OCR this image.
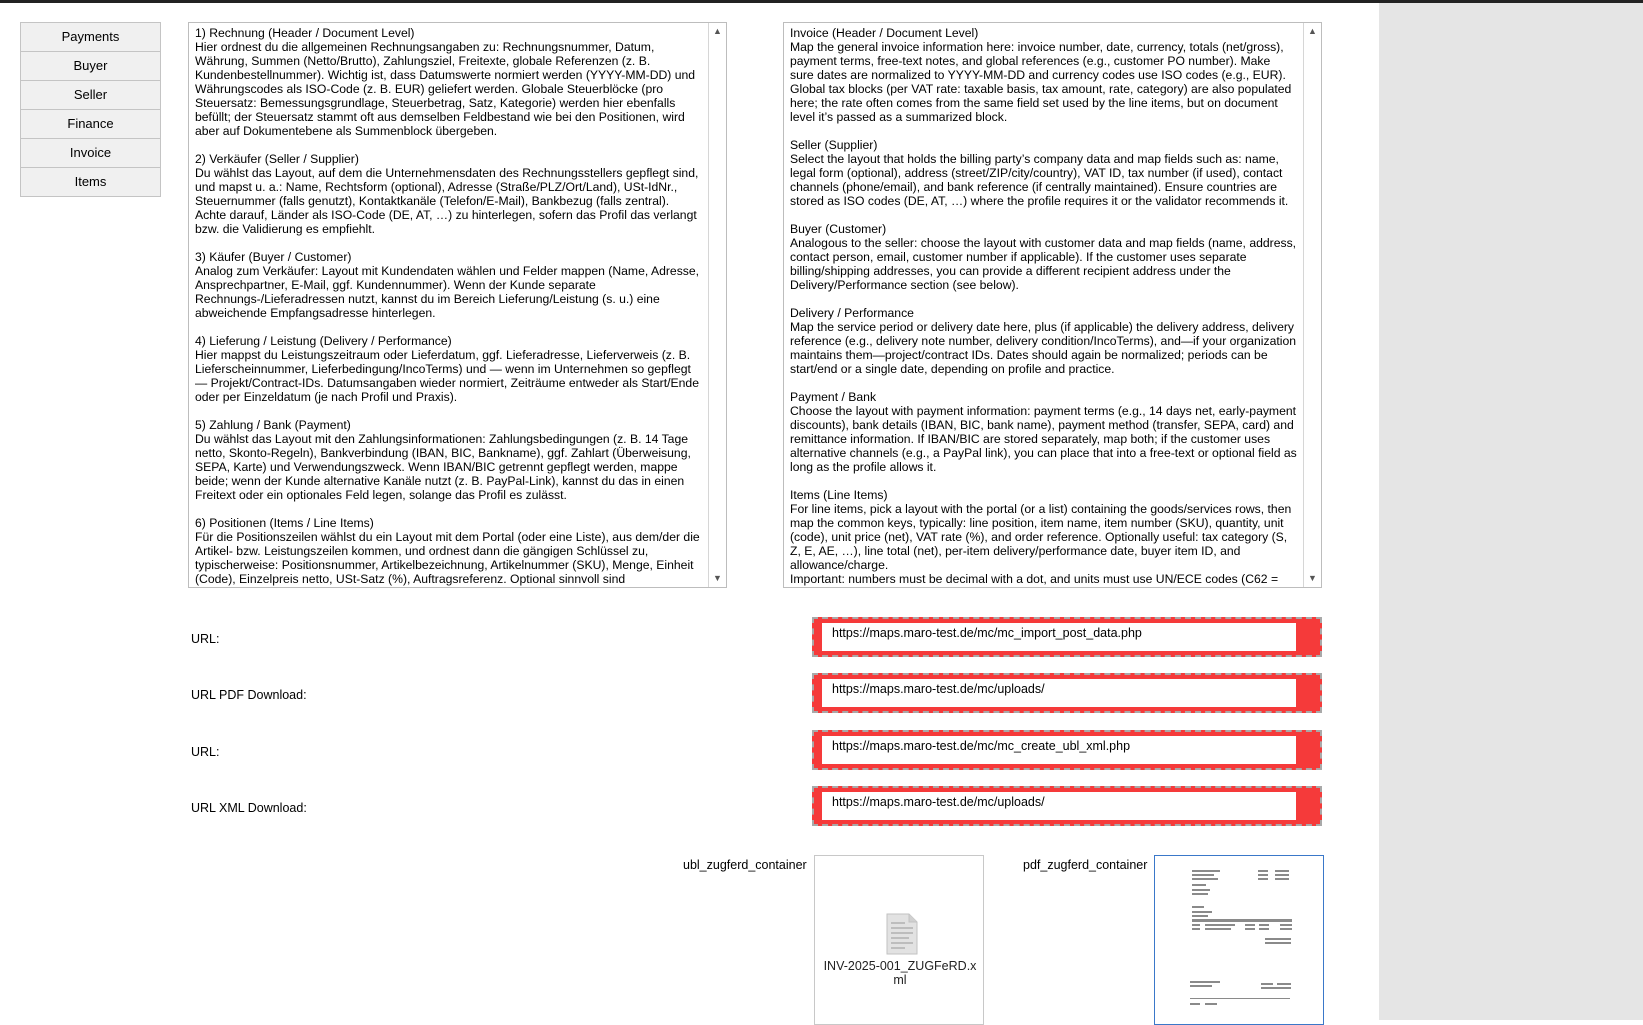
Payments
Buyer
Seller
Finance
Invoice
Items
1) Rechnung (Header / Document Level)
Hier ordnest du die allgemeinen Rechnungsangaben zu: Rechnungsnummer, Datum, Währung, Summen (Netto/Brutto), Zahlungsziel, Freitexte, globale Referenzen (z. B. Kundenbestellnummer). Wichtig ist, dass Datumswerte normiert werden (YYYY-MM-DD) und Währungscodes als ISO-Code (z. B. EUR) geliefert werden. Globale Steuerblöcke (pro Steuersatz: Bemessungsgrundlage, Steuerbetrag, Satz, Kategorie) werden hier ebenfalls befüllt; der Steuersatz stammt oft aus demselben Feldbestand wie bei den Positionen, wird aber auf Dokumentebene als Summenblock übergeben.

2) Verkäufer (Seller / Supplier)
Du wählst das Layout, auf dem die Unternehmensdaten des Rechnungsstellers gepflegt sind, und mapst u. a.: Name, Rechtsform (optional), Adresse (Straße/PLZ/Ort/Land), USt-IdNr., Steuernummer (falls genutzt), Kontaktkanäle (Telefon/E-Mail), Bankbezug (falls zentral). Achte darauf, Länder als ISO-Code (DE, AT, …) zu hinterlegen, sofern das Profil das verlangt bzw. die Validierung es empfiehlt.

3) Käufer (Buyer / Customer)
Analog zum Verkäufer: Layout mit Kundendaten wählen und Felder mappen (Name, Adresse, Ansprechpartner, E-Mail, ggf. Kundennummer). Wenn der Kunde separate Rechnungs-/Lieferadressen nutzt, kannst du im Bereich Lieferung/Leistung (s. u.) eine abweichende Empfangsadresse hinterlegen.

4) Lieferung / Leistung (Delivery / Performance)
Hier mappst du Leistungszeitraum oder Lieferdatum, ggf. Lieferadresse, Lieferverweis (z. B. Lieferscheinnummer, Lieferbedingung/IncoTerms) und — wenn im Unternehmen so gepflegt — Projekt/Contract-IDs. Datumsangaben wieder normiert, Zeiträume entweder als Start/Ende oder per Einzeldatum (je nach Profil und Praxis).

5) Zahlung / Bank (Payment)
Du wählst das Layout mit den Zahlungsinformationen: Zahlungsbedingungen (z. B. 14 Tage netto, Skonto-Regeln), Bankverbindung (IBAN, BIC, Bankname), ggf. Zahlart (Überweisung, SEPA, Karte) und Verwendungszweck. Wenn IBAN/BIC getrennt gepflegt werden, mappe beide; wenn der Kunde alternative Kanäle nutzt (z. B. PayPal-Link), kannst du das in einen Freitext oder ein optionales Feld legen, solange das Profil es zulässt.

6) Positionen (Items / Line Items)
Für die Positionszeilen wählst du ein Layout mit dem Portal (oder eine Liste), aus dem/der die Artikel- bzw. Leistungszeilen kommen, und ordnest dann die gängigen Schlüssel zu, typischerweise: Positionsnummer, Artikelbezeichnung, Artikelnummer (SKU), Menge, Einheit (Code), Einzelpreis netto, USt-Satz (%), Auftragsreferenz. Optional sinnvoll sind
▲
▼
Invoice (Header / Document Level)
Map the general invoice information here: invoice number, date, currency, totals (net/gross), payment terms, free-text notes, and global references (e.g., customer PO number). Make sure dates are normalized to YYYY-MM-DD and currency codes use ISO codes (e.g., EUR). Global tax blocks (per VAT rate: taxable basis, tax amount, rate, category) are also populated here; the rate often comes from the same field set used by the line items, but on document level it’s passed as a summarized block.

Seller (Supplier)
Select the layout that holds the billing party’s company data and map fields such as: name, legal form (optional), address (street/ZIP/city/country), VAT ID, tax number (if used), contact channels (phone/email), and bank reference (if centrally maintained). Ensure countries are stored as ISO codes (DE, AT, …) where the profile requires it or the validator recommends it.

Buyer (Customer)
Analogous to the seller: choose the layout with customer data and map fields (name, address, contact person, email, customer number if applicable). If the customer uses separate billing/shipping addresses, you can provide a different recipient address under the Delivery/Performance section (see below).

Delivery / Performance
Map the service period or delivery date here, plus (if applicable) the delivery address, delivery reference (e.g., delivery note number, delivery condition/IncoTerms), and—if your organization maintains them—project/contract IDs. Dates should again be normalized; periods can be start/end or a single date, depending on profile and practice.

Payment / Bank
Choose the layout with payment information: payment terms (e.g., 14 days net, early-payment discounts), bank details (IBAN, BIC, bank name), payment method (transfer, SEPA, card) and remittance information. If IBAN/BIC are stored separately, map both; if the customer uses alternative channels (e.g., a PayPal link), you can place that into a free-text or optional field as long as the profile allows it.

Items (Line Items)
For line items, pick a layout with the portal (or a list) containing the goods/services rows, then map the common keys, typically: line position, item name, item number (SKU), quantity, unit (code), unit price (net), VAT rate (%), and order reference. Optionally useful: tax category (S, Z, E, AE, …), line total (net), per-item delivery/performance date, buyer item ID, and allowance/charge.
Important: numbers must be decimal with a dot, and units must use UN/ECE codes (C62 =
▲
▼
URL:
URL PDF Download:
URL:
URL XML Download:
https://maps.maro-test.de/mc/mc_import_post_data.php
https://maps.maro-test.de/mc/uploads/
https://maps.maro-test.de/mc/mc_create_ubl_xml.php
https://maps.maro-test.de/mc/uploads/
ubl_zugferd_container
INV-2025-001_ZUGFeRD.xml
pdf_zugferd_container
